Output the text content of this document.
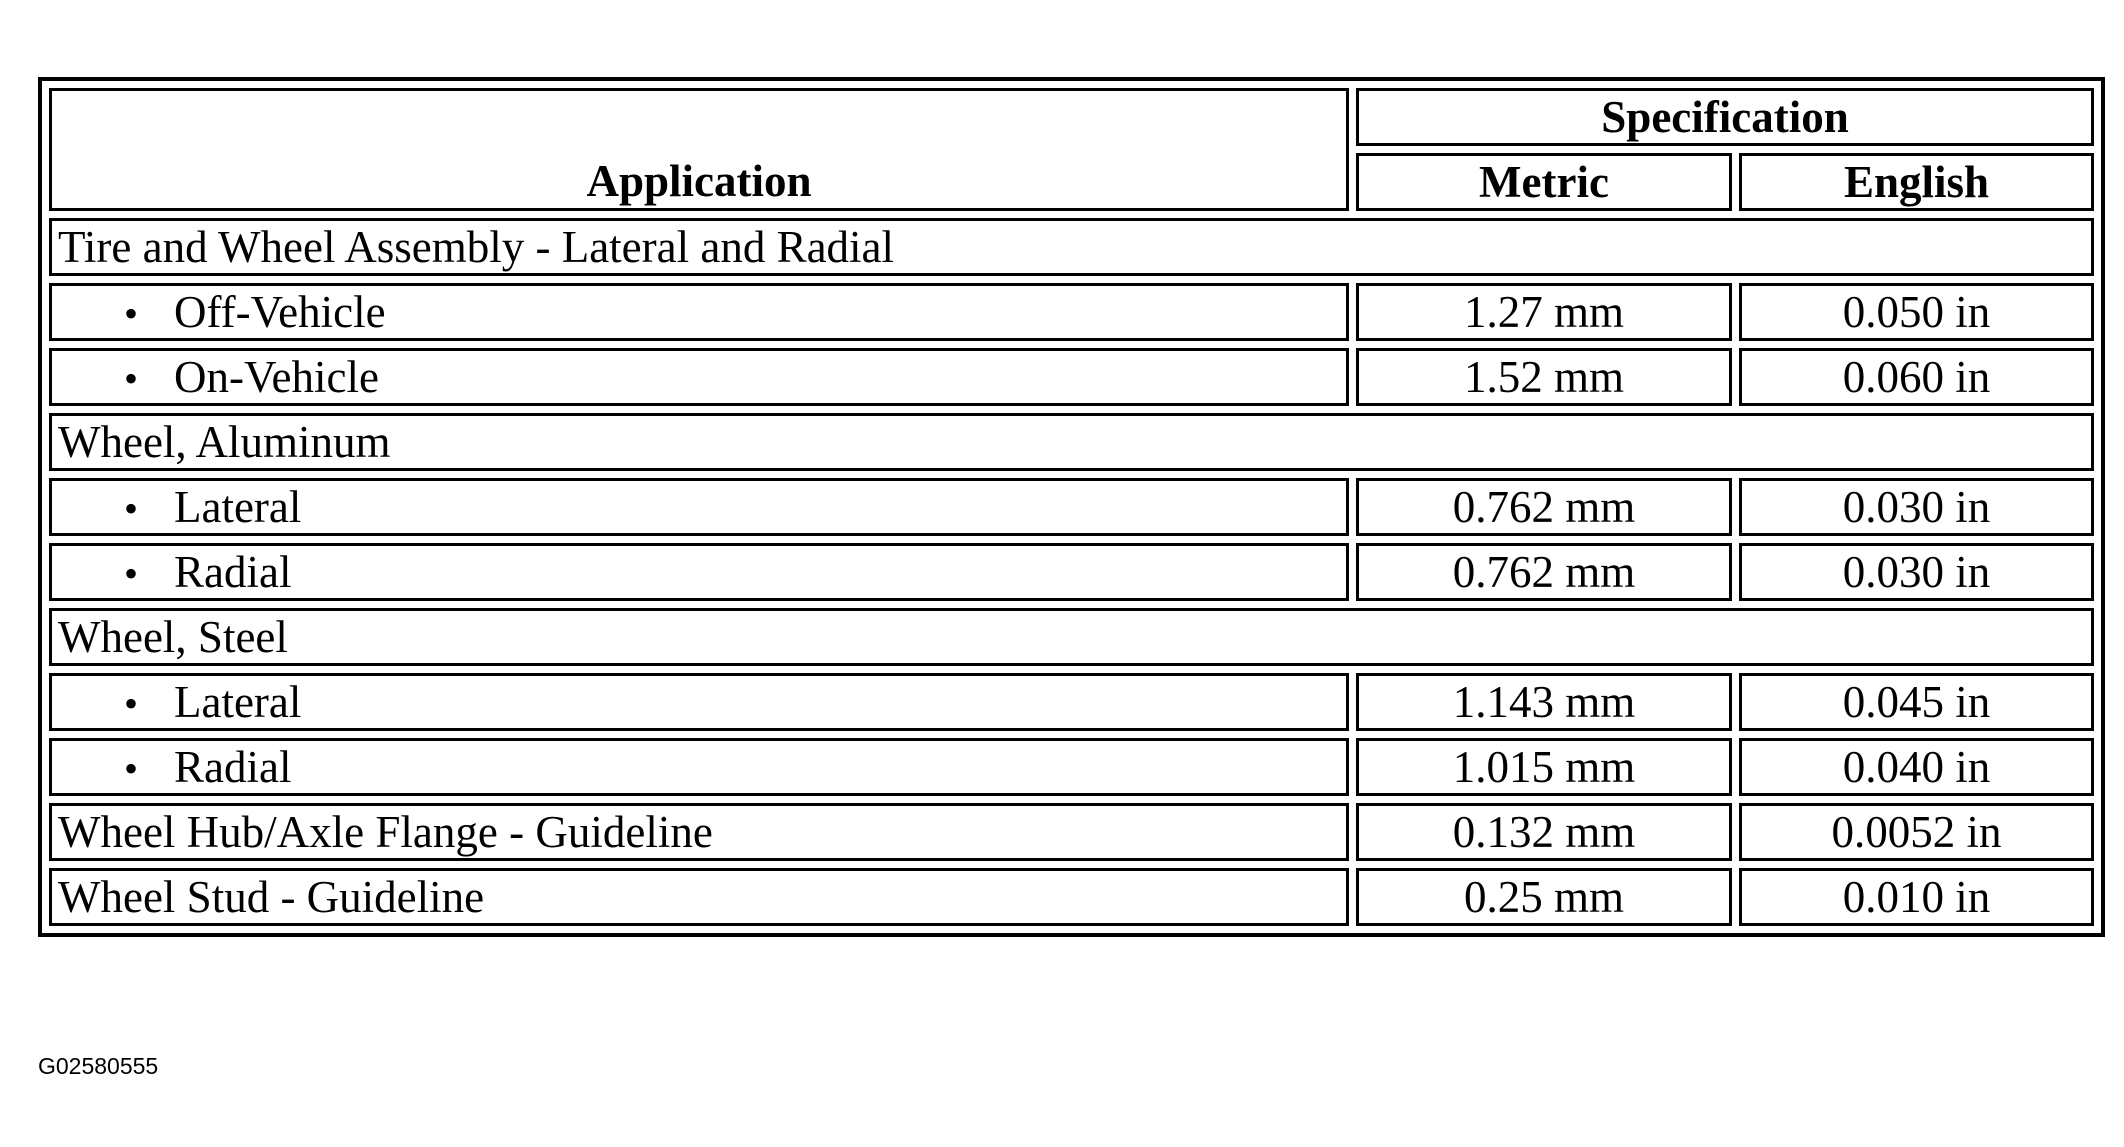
Application	Specification	
	Metric	English
Tire and Wheel Assembly - Lateral and Radial		
• Off-Vehicle	1.27 mm	0.050 in
• On-Vehicle	1.52 mm	0.060 in
Wheel, Aluminum		
• Lateral	0.762 mm	0.030 in
• Radial	0.762 mm	0.030 in
Wheel, Steel		
• Lateral	1.143 mm	0.045 in
• Radial	1.015 mm	0.040 in
Wheel Hub/Axle Flange - Guideline	0.132 mm	0.0052 in
Wheel Stud - Guideline	0.25 mm	0.010 in
G02580555
